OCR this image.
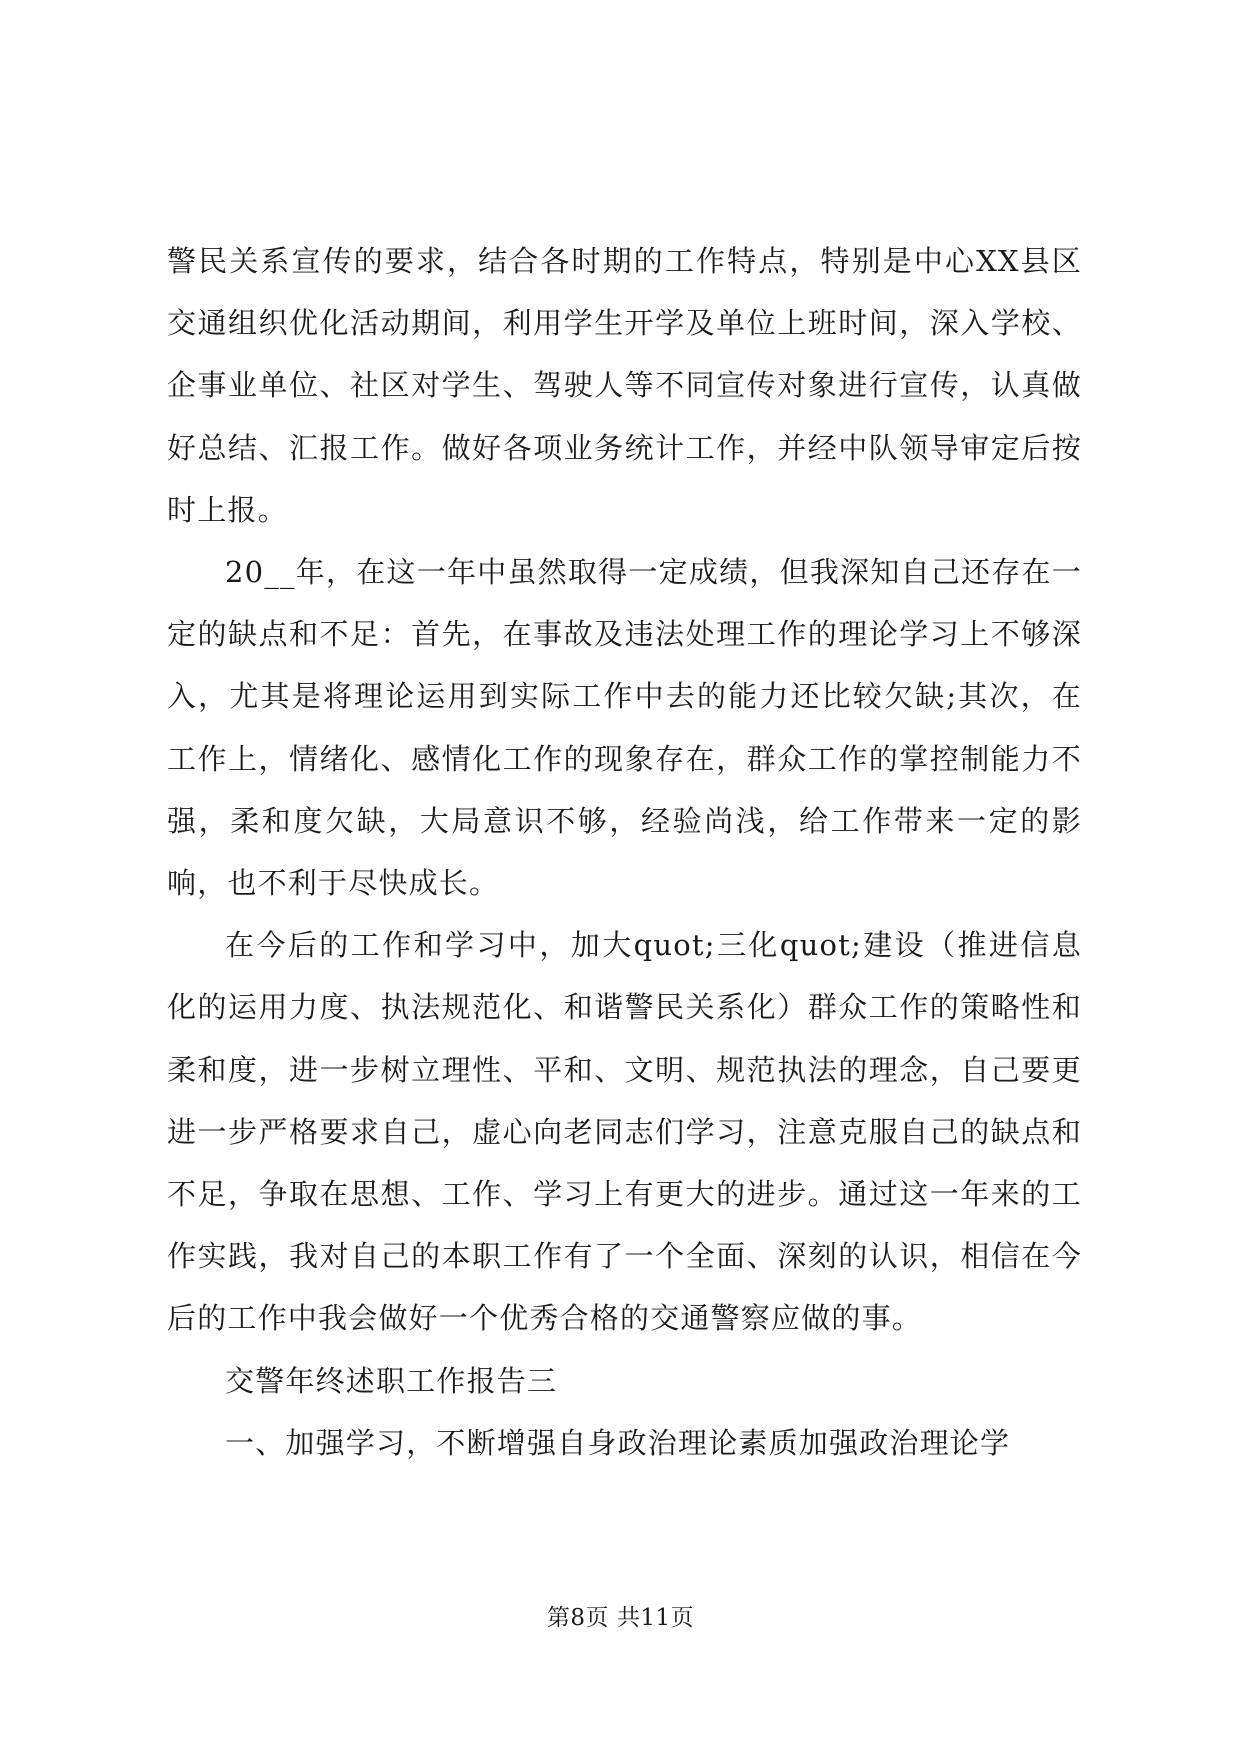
警民关系宣传的要求，结合各时期的工作特点，特别是中心XX县区交通组织优化活动期间，利用学生开学及单位上班时间，深入学校、企事业单位、社区对学生、驾驶人等不同宣传对象进行宣传，认真做好总结、汇报工作。做好各项业务统计工作，并经中队领导审定后按时上报。

20__年，在这一年中虽然取得一定成绩，但我深知自己还存在一定的缺点和不足：首先，在事故及违法处理工作的理论学习上不够深入，尤其是将理论运用到实际工作中去的能力还比较欠缺;其次，在工作上，情绪化、感情化工作的现象存在，群众工作的掌控制能力不强，柔和度欠缺，大局意识不够，经验尚浅，给工作带来一定的影响，也不利于尽快成长。

在今后的工作和学习中，加大quot;三化quot;建设（推进信息化的运用力度、执法规范化、和谐警民关系化）群众工作的策略性和柔和度，进一步树立理性、平和、文明、规范执法的理念，自己要更进一步严格要求自己，虚心向老同志们学习，注意克服自己的缺点和不足，争取在思想、工作、学习上有更大的进步。通过这一年来的工作实践，我对自己的本职工作有了一个全面、深刻的认识，相信在今后的工作中我会做好一个优秀合格的交通警察应做的事。

交警年终述职工作报告三

一、加强学习，不断增强自身政治理论素质加强政治理论学

第8页 共11页
